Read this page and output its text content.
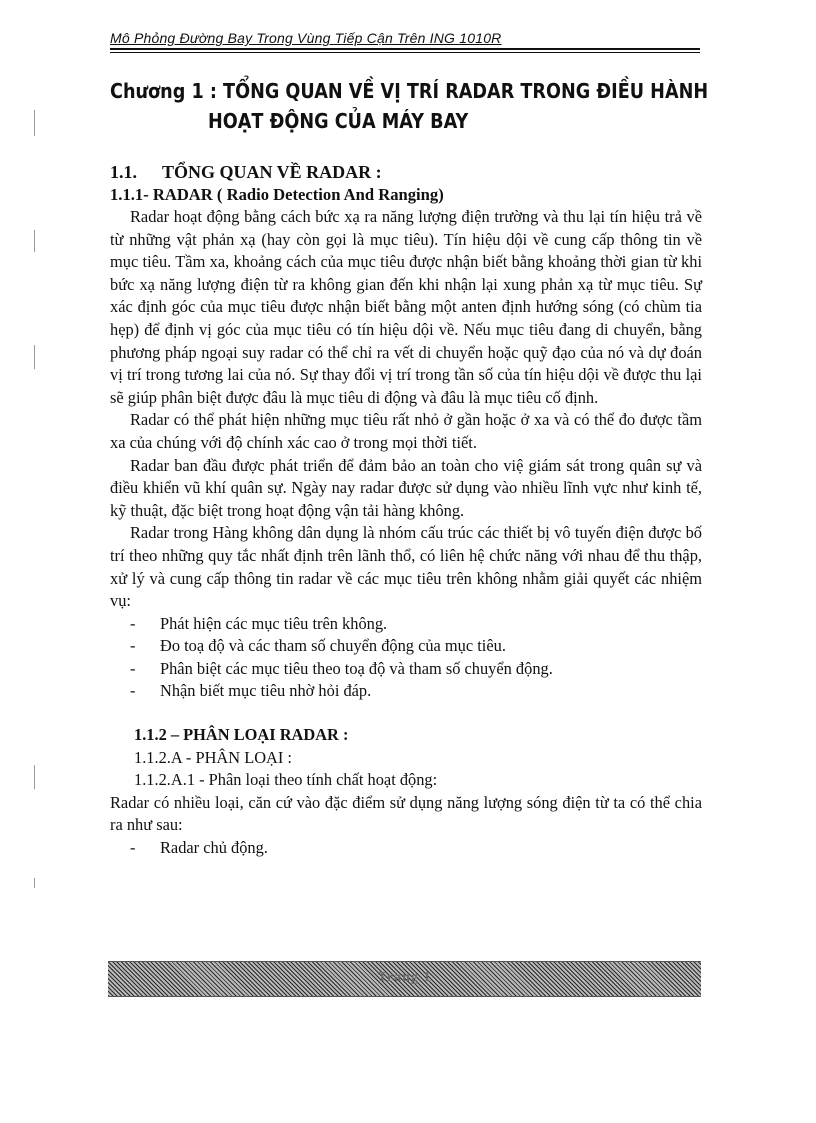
Mô Phỏng Đường Bay Trong Vùng Tiếp Cận Trên ING 1010R
Chương 1 : TỔNG QUAN VỀ VỊ TRÍ RADAR TRONG ĐIỀU HÀNH
HOẠT ĐỘNG CỦA MÁY BAY

1.1. TỔNG QUAN VỀ RADAR :

1.1.1- RADAR ( Radio Detection And Ranging)

Radar hoạt động bằng cách bức xạ ra năng lượng điện trường và thu lại tín hiệu trả về từ những vật phản xạ (hay còn gọi là mục tiêu). Tín hiệu dội về cung cấp thông tin về mục tiêu. Tầm xa, khoảng cách của mục tiêu được nhận biết bằng khoảng thời gian từ khi bức xạ năng lượng điện từ ra không gian đến khi nhận lại xung phản xạ từ mục tiêu. Sự xác định góc của mục tiêu được nhận biết bằng một anten định hướng sóng (có chùm tia hẹp) để định vị góc của mục tiêu có tín hiệu dội về. Nếu mục tiêu đang di chuyển, bằng phương pháp ngoại suy radar có thể chỉ ra vết di chuyển hoặc quỹ đạo của nó và dự đoán vị trí trong tương lai của nó. Sự thay đổi vị trí trong tần số của tín hiệu dội về được thu lại sẽ giúp phân biệt được đâu là mục tiêu di động và đâu là mục tiêu cố định.

Radar có thể phát hiện những mục tiêu rất nhỏ ở gần hoặc ở xa và có thể đo được tầm xa của chúng với độ chính xác cao ở trong mọi thời tiết.

Radar ban đầu được phát triển để đảm bảo an toàn cho việ giám sát trong quân sự và điều khiển vũ khí quân sự. Ngày nay radar được sử dụng vào nhiều lĩnh vực như kinh tế, kỹ thuật, đặc biệt trong hoạt động vận tải hàng không.

Radar trong Hàng không dân dụng là nhóm cấu trúc các thiết bị vô tuyến điện được bố trí theo những quy tắc nhất định trên lãnh thổ, có liên hệ chức năng với nhau để thu thập, xử lý và cung cấp thông tin radar về các mục tiêu trên không nhằm giải quyết các nhiệm vụ:

- Phát hiện các mục tiêu trên không.
- Đo toạ độ và các tham số chuyển động của mục tiêu.
- Phân biệt các mục tiêu theo toạ độ và tham số chuyển động.
- Nhận biết mục tiêu nhờ hỏi đáp.

1.1.2 – PHÂN LOẠI RADAR :

1.1.2.A - PHÂN LOẠI :

1.1.2.A.1 - Phân loại theo tính chất hoạt động:

Radar có nhiều loại, căn cứ vào đặc điểm sử dụng năng lượng sóng điện từ ta có thể chia ra như sau:

- Radar chủ động.
Trang 1
